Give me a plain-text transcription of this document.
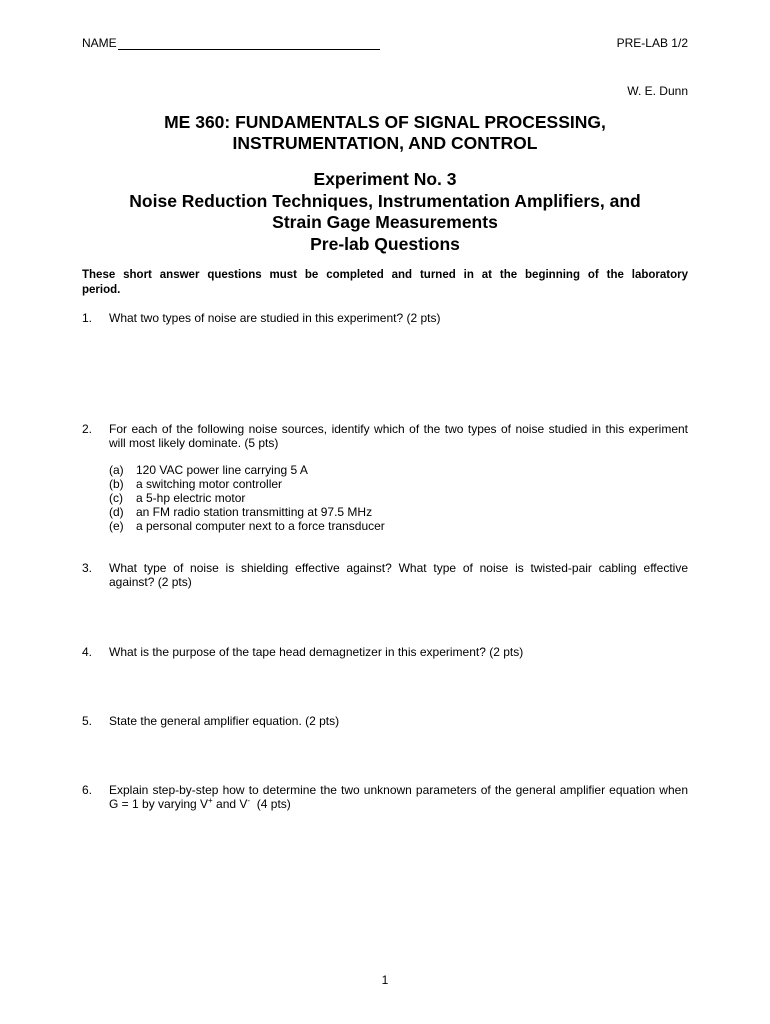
NAME	PRE-LAB 1/2
W. E. Dunn
ME 360: FUNDAMENTALS OF SIGNAL PROCESSING,
INSTRUMENTATION, AND CONTROL
Experiment No. 3
Noise Reduction Techniques, Instrumentation Amplifiers, and
Strain Gage Measurements
Pre-lab Questions
These short answer questions must be completed and turned in at the beginning of the laboratory
period.
1. What two types of noise are studied in this experiment? (2 pts)
2. For each of the following noise sources, identify which of the two types of noise studied in this experiment
will most likely dominate. (5 pts)
(a) 120 VAC power line carrying 5 A
(b) a switching motor controller
(c) a 5-hp electric motor
(d) an FM radio station transmitting at 97.5 MHz
(e) a personal computer next to a force transducer
3. What type of noise is shielding effective against? What type of noise is twisted-pair cabling effective
against? (2 pts)
4. What is the purpose of the tape head demagnetizer in this experiment? (2 pts)
5. State the general amplifier equation. (2 pts)
6. Explain step-by-step how to determine the two unknown parameters of the general amplifier equation when
G = 1 by varying V+ and V-  (4 pts)
1
